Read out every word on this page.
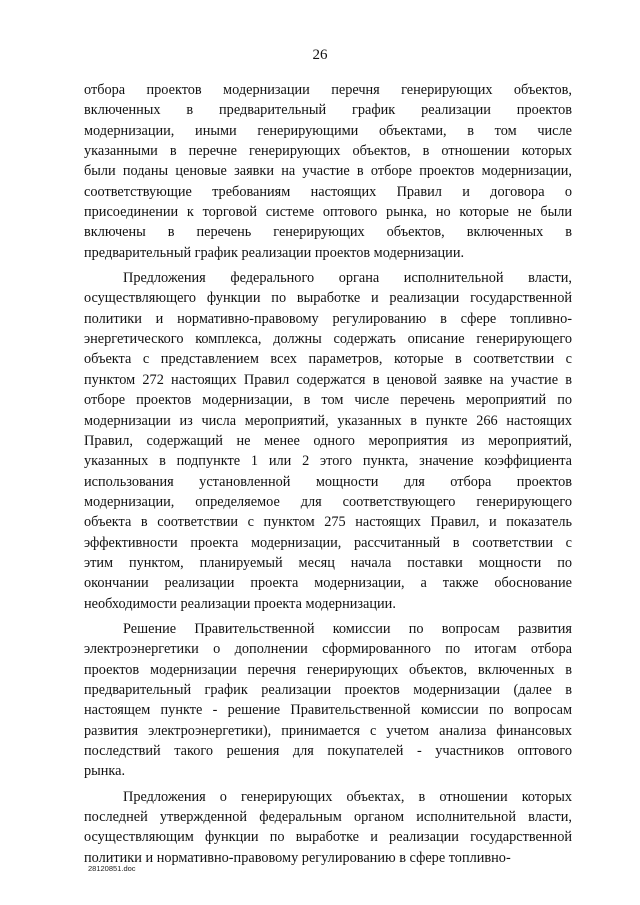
26
отбора проектов модернизации перечня генерирующих объектов,
включенных в предварительный график реализации проектов
модернизации, иными генерирующими объектами, в том числе
указанными в перечне генерирующих объектов, в отношении которых
были поданы ценовые заявки на участие в отборе проектов модернизации,
соответствующие требованиям настоящих Правил и договора о
присоединении к торговой системе оптового рынка, но которые не были
включены в перечень генерирующих объектов, включенных в
предварительный график реализации проектов модернизации.
Предложения федерального органа исполнительной власти,
осуществляющего функции по выработке и реализации государственной
политики и нормативно-правовому регулированию в сфере топливно-
энергетического комплекса, должны содержать описание генерирующего
объекта с представлением всех параметров, которые в соответствии с
пунктом 272 настоящих Правил содержатся в ценовой заявке на участие в
отборе проектов модернизации, в том числе перечень мероприятий по
модернизации из числа мероприятий, указанных в пункте 266 настоящих
Правил, содержащий не менее одного мероприятия из мероприятий,
указанных в подпункте 1 или 2 этого пункта, значение коэффициента
использования установленной мощности для отбора проектов
модернизации, определяемое для соответствующего генерирующего
объекта в соответствии с пунктом 275 настоящих Правил, и показатель
эффективности проекта модернизации, рассчитанный в соответствии с
этим пунктом, планируемый месяц начала поставки мощности по
окончании реализации проекта модернизации, а также обоснование
необходимости реализации проекта модернизации.
Решение Правительственной комиссии по вопросам развития
электроэнергетики о дополнении сформированного по итогам отбора
проектов модернизации перечня генерирующих объектов, включенных в
предварительный график реализации проектов модернизации (далее в
настоящем пункте - решение Правительственной комиссии по вопросам
развития электроэнергетики), принимается с учетом анализа финансовых
последствий такого решения для покупателей - участников оптового
рынка.
Предложения о генерирующих объектах, в отношении которых
последней утвержденной федеральным органом исполнительной власти,
осуществляющим функции по выработке и реализации государственной
политики и нормативно-правовому регулированию в сфере топливно-
28120851.doc
